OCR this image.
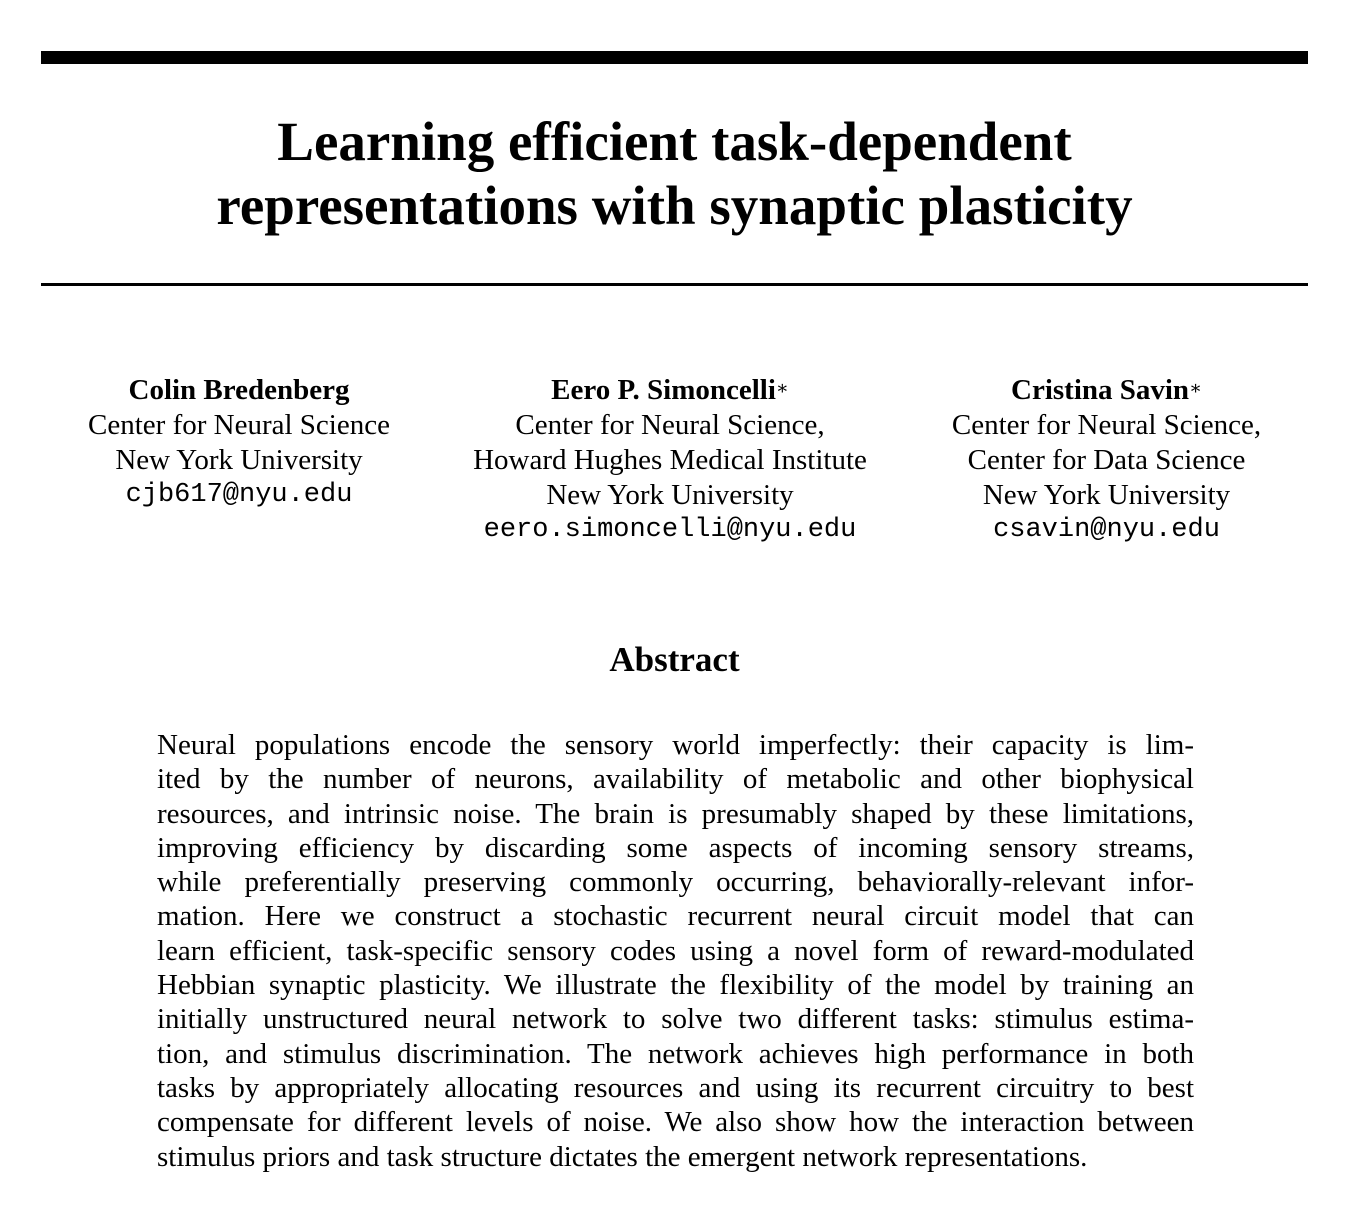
Learning efficient task-dependent
representations with synaptic plasticity
Colin Bredenberg
Center for Neural Science
New York University
cjb617@nyu.edu
Eero P. Simoncelli∗
Center for Neural Science,
Howard Hughes Medical Institute
New York University
eero.simoncelli@nyu.edu
Cristina Savin∗
Center for Neural Science,
Center for Data Science
New York University
csavin@nyu.edu
Abstract
Neural populations encode the sensory world imperfectly: their capacity is lim-
ited by the number of neurons, availability of metabolic and other biophysical
resources, and intrinsic noise. The brain is presumably shaped by these limitations,
improving efficiency by discarding some aspects of incoming sensory streams,
while preferentially preserving commonly occurring, behaviorally-relevant infor-
mation. Here we construct a stochastic recurrent neural circuit model that can
learn efficient, task-specific sensory codes using a novel form of reward-modulated
Hebbian synaptic plasticity. We illustrate the flexibility of the model by training an
initially unstructured neural network to solve two different tasks: stimulus estima-
tion, and stimulus discrimination. The network achieves high performance in both
tasks by appropriately allocating resources and using its recurrent circuitry to best
compensate for different levels of noise. We also show how the interaction between
stimulus priors and task structure dictates the emergent network representations.
